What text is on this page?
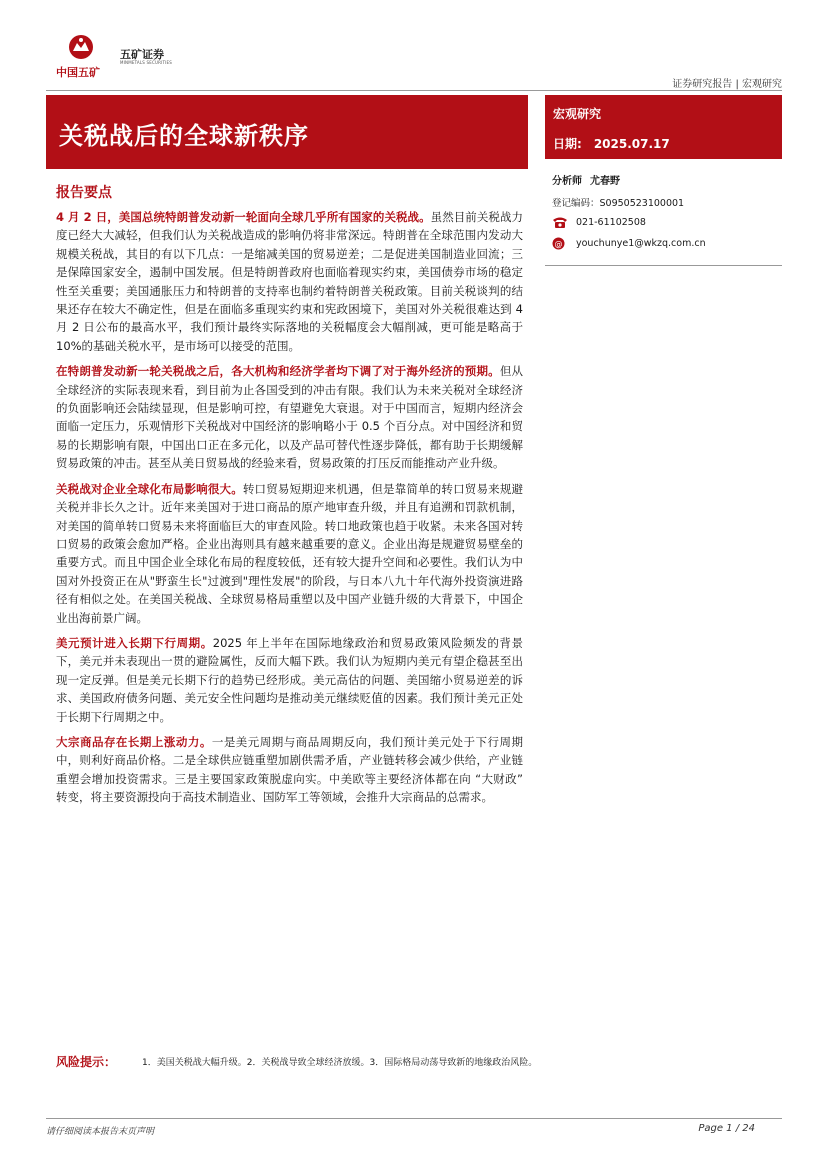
中国五矿
五矿证券
MINMETALS SECURITIES
证券研究报告 | 宏观研究
关税战后的全球新秩序
宏观研究
日期: 2025.07.17
分析师 尤春野
登记编码：S0950523100001
021-61102508
@ youchunye1@wkzq.com.cn
报告要点

4 月 2 日，美国总统特朗普发动新一轮面向全球几乎所有国家的关税战。虽然目前关税战力度已经大大减轻，但我们认为关税战造成的影响仍将非常深远。特朗普在全球范围内发动大规模关税战，其目的有以下几点：一是缩减美国的贸易逆差；二是促进美国制造业回流；三是保障国家安全，遏制中国发展。但是特朗普政府也面临着现实约束，美国债券市场的稳定性至关重要；美国通胀压力和特朗普的支持率也制约着特朗普关税政策。目前关税谈判的结果还存在较大不确定性，但是在面临多重现实约束和宪政困境下，美国对外关税很难达到 4 月 2 日公布的最高水平，我们预计最终实际落地的关税幅度会大幅削减，更可能是略高于 10%的基础关税水平，是市场可以接受的范围。

在特朗普发动新一轮关税战之后，各大机构和经济学者均下调了对于海外经济的预期。但从全球经济的实际表现来看，到目前为止各国受到的冲击有限。我们认为未来关税对全球经济的负面影响还会陆续显现，但是影响可控，有望避免大衰退。对于中国而言，短期内经济会面临一定压力，乐观情形下关税战对中国经济的影响略小于 0.5 个百分点。对中国经济和贸易的长期影响有限，中国出口正在多元化，以及产品可替代性逐步降低，都有助于长期缓解贸易政策的冲击。甚至从美日贸易战的经验来看，贸易政策的打压反而能推动产业升级。

关税战对企业全球化布局影响很大。转口贸易短期迎来机遇，但是靠简单的转口贸易来规避关税并非长久之计。近年来美国对于进口商品的原产地审查升级，并且有追溯和罚款机制，对美国的简单转口贸易未来将面临巨大的审查风险。转口地政策也趋于收紧。未来各国对转口贸易的政策会愈加严格。企业出海则具有越来越重要的意义。企业出海是规避贸易壁垒的重要方式。而且中国企业全球化布局的程度较低，还有较大提升空间和必要性。我们认为中国对外投资正在从"野蛮生长"过渡到"理性发展"的阶段，与日本八九十年代海外投资演进路径有相似之处。在美国关税战、全球贸易格局重塑以及中国产业链升级的大背景下，中国企业出海前景广阔。

美元预计进入长期下行周期。2025 年上半年在国际地缘政治和贸易政策风险频发的背景下，美元并未表现出一贯的避险属性，反而大幅下跌。我们认为短期内美元有望企稳甚至出现一定反弹。但是美元长期下行的趋势已经形成。美元高估的问题、美国缩小贸易逆差的诉求、美国政府债务问题、美元安全性问题均是推动美元继续贬值的因素。我们预计美元正处于长期下行周期之中。

大宗商品存在长期上涨动力。一是美元周期与商品周期反向，我们预计美元处于下行周期中，则利好商品价格。二是全球供应链重塑加剧供需矛盾，产业链转移会减少供给，产业链重塑会增加投资需求。三是主要国家政策脱虚向实。中美欧等主要经济体都在向 “大财政” 转变，将主要资源投向于高技术制造业、国防军工等领域，会推升大宗商品的总需求。

风险提示：	1．美国关税战大幅升级。2．关税战导致全球经济放缓。3．国际格局动荡导致新的地缘政治风险。
请仔细阅读本报告末页声明	Page 1 / 24
